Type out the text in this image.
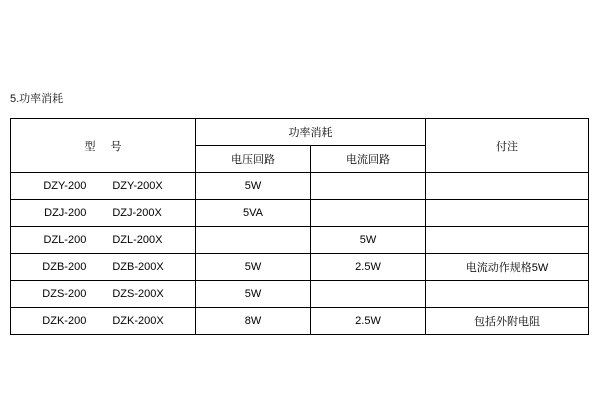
5.功率消耗
型 号	功率消耗		付注
	电压回路	电流回路	

DZY-200 DZY-200X	5W		

DZJ-200 DZJ-200X	5VA		

DZL-200 DZL-200X		5W	

DZB-200 DZB-200X	5W	2.5W	电流动作规格5W

DZS-200 DZS-200X	5W		

DZK-200 DZK-200X	8W	2.5W	包括外附电阻
